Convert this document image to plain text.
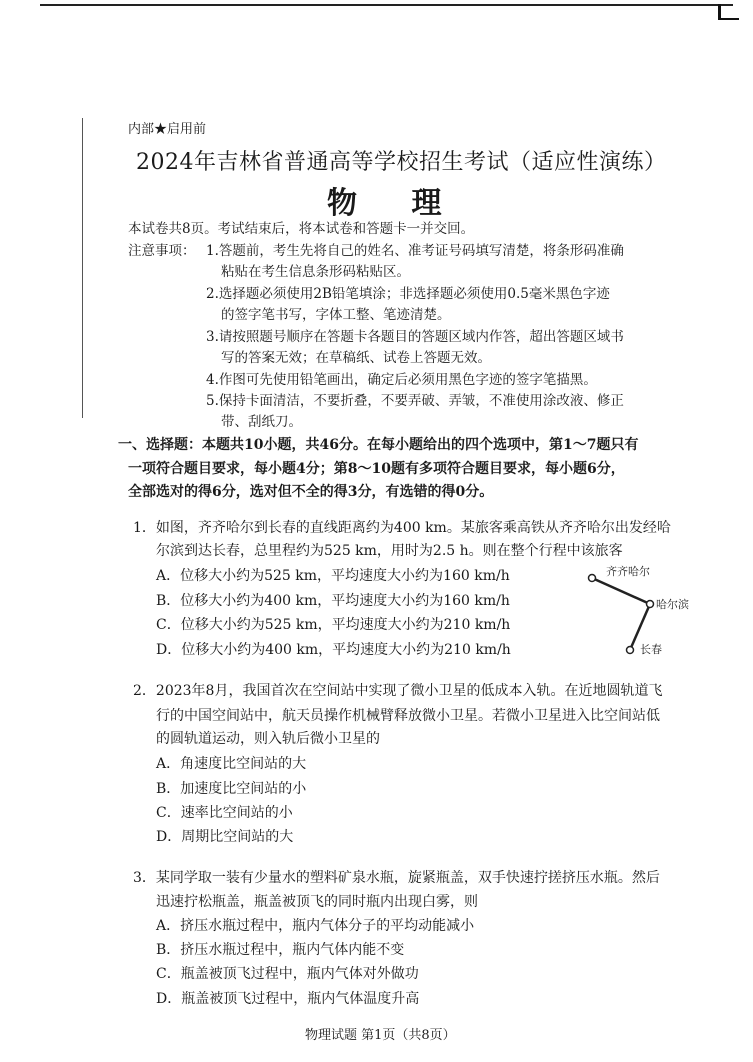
内部★启用前
2024年吉林省普通高等学校招生考试（适应性演练）
物 理
本试卷共8页。考试结束后，将本试卷和答题卡一并交回。
注意事项： 1.答题前，考生先将自己的姓名、准考证号码填写清楚，将条形码准确
粘贴在考生信息条形码粘贴区。
2.选择题必须使用2B铅笔填涂；非选择题必须使用0.5毫米黑色字迹
的签字笔书写，字体工整、笔迹清楚。
3.请按照题号顺序在答题卡各题目的答题区域内作答，超出答题区域书
写的答案无效；在草稿纸、试卷上答题无效。
4.作图可先使用铅笔画出，确定后必须用黑色字迹的签字笔描黑。
5.保持卡面清洁，不要折叠，不要弄破、弄皱，不准使用涂改液、修正
带、刮纸刀。
一、选择题：本题共10小题，共46分。在每小题给出的四个选项中，第1～7题只有
一项符合题目要求，每小题4分；第8～10题有多项符合题目要求，每小题6分，
全部选对的得6分，选对但不全的得3分，有选错的得0分。
1．如图，齐齐哈尔到长春的直线距离约为400 km。某旅客乘高铁从齐齐哈尔出发经哈
尔滨到达长春，总里程约为525 km，用时为2.5 h。则在整个行程中该旅客
A．位移大小约为525 km，平均速度大小约为160 km/h
B．位移大小约为400 km，平均速度大小约为160 km/h
C．位移大小约为525 km，平均速度大小约为210 km/h
D．位移大小约为400 km，平均速度大小约为210 km/h
齐齐哈尔
哈尔滨
长春
2．2023年8月，我国首次在空间站中实现了微小卫星的低成本入轨。在近地圆轨道飞
行的中国空间站中，航天员操作机械臂释放微小卫星。若微小卫星进入比空间站低
的圆轨道运动，则入轨后微小卫星的
A．角速度比空间站的大
B．加速度比空间站的小
C．速率比空间站的小
D．周期比空间站的大
3．某同学取一装有少量水的塑料矿泉水瓶，旋紧瓶盖，双手快速拧搓挤压水瓶。然后
迅速拧松瓶盖，瓶盖被顶飞的同时瓶内出现白雾，则
A．挤压水瓶过程中，瓶内气体分子的平均动能减小
B．挤压水瓶过程中，瓶内气体内能不变
C．瓶盖被顶飞过程中，瓶内气体对外做功
D．瓶盖被顶飞过程中，瓶内气体温度升高
物理试题 第1页（共8页）
